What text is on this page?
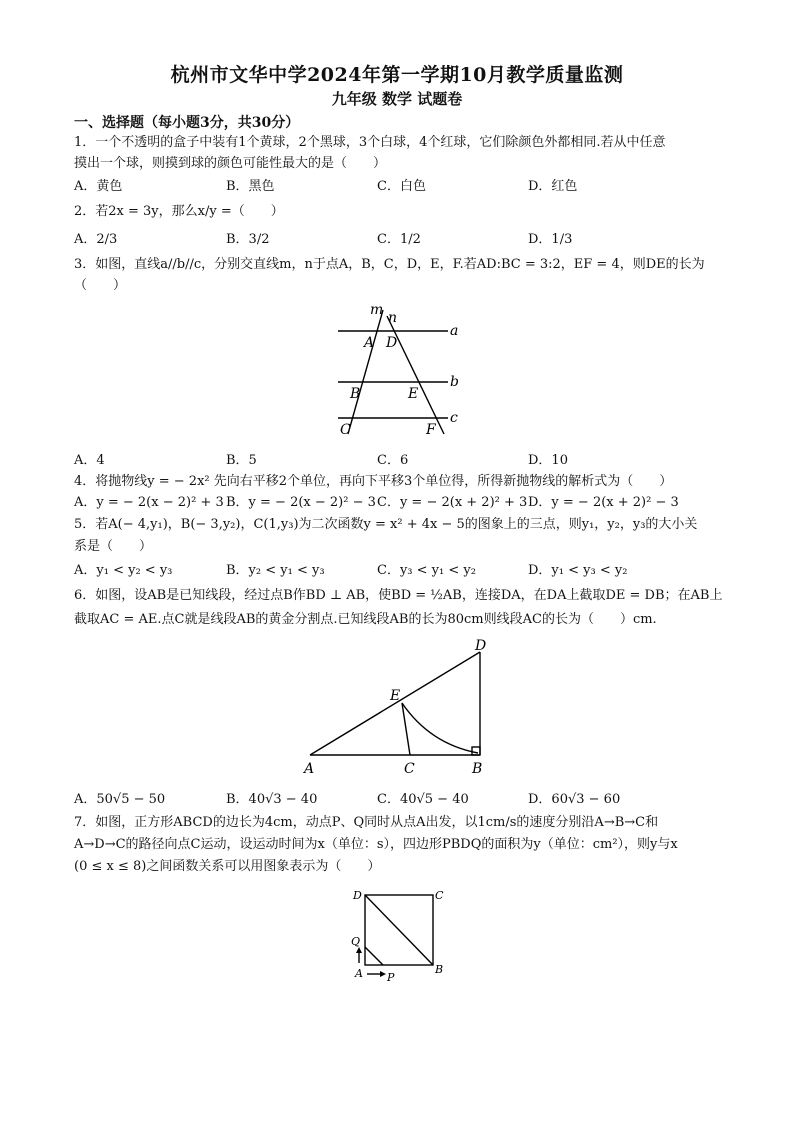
杭州市文华中学2024年第一学期10月教学质量监测
九年级 数学 试题卷
一、选择题（每小题3分，共30分）
1．一个不透明的盒子中装有1个黄球，2个黑球，3个白球，4个红球，它们除颜色外都相同.若从中任意
摸出一个球，则摸到球的颜色可能性最大的是（　　）
A．黄色	B．黑色	C．白色	D．红色
2．若2x = 3y，那么x/y =（　　）
A．2/3	B．3/2	C．1/2	D．1/3
3．如图，直线a//b//c，分别交直线m，n于点A，B，C，D，E，F.若AD:BC = 3:2，EF = 4，则DE的长为
（　　）
m n
a
A D
b
B	E
c
C	F
A．4	B．5	C．6	D．10
4．将抛物线y = − 2x² 先向右平移2个单位，再向下平移3个单位得，所得新抛物线的解析式为（　　）
A．y = − 2(x − 2)² + 3 B．y = − 2(x − 2)² − 3 C．y = − 2(x + 2)² + 3 D．y = − 2(x + 2)² − 3
5．若A(− 4,y₁)，B(− 3,y₂)，C(1,y₃)为二次函数y = x² + 4x − 5的图象上的三点，则y₁，y₂，y₃的大小关
系是（　　）
A．y₁ < y₂ < y₃	B．y₂ < y₁ < y₃	C．y₃ < y₁ < y₂	D．y₁ < y₃ < y₂
6．如图，设AB是已知线段，经过点B作BD ⊥ AB，使BD = ½AB，连接DA，在DA上截取DE = DB；在AB上
截取AC = AE.点C就是线段AB的黄金分割点.已知线段AB的长为80cm则线段AC的长为（　　）cm.
D
E
A	C	B
A．50√5 − 50	B．40√3 − 40	C．40√5 − 40	D．60√3 − 60
7．如图，正方形ABCD的边长为4cm，动点P、Q同时从点A出发，以1cm/s的速度分别沿A→B→C和
A→D→C的路径向点C运动，设运动时间为x（单位：s），四边形PBDQ的面积为y（单位：cm²），则y与x
(0 ≤ x ≤ 8)之间函数关系可以用图象表示为（　　）
D	C
Q
A P
B
